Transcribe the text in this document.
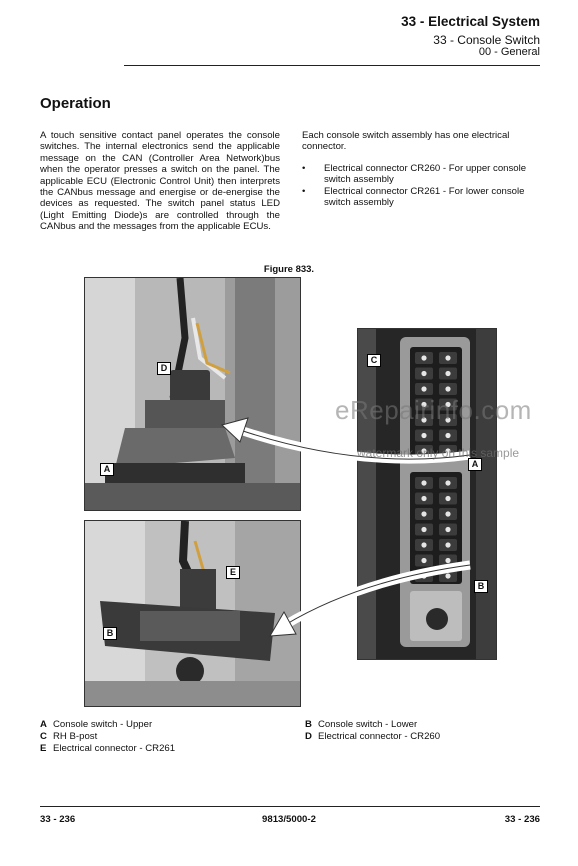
33 - Electrical System
33 - Console Switch
00 - General
Operation
A touch sensitive contact panel operates the console switches. The internal electronics send the applicable message on the CAN (Controller Area Network)bus when the operator presses a switch on the panel. The applicable ECU (Electronic Control Unit) then interprets the CANbus message and energise or de-energise the devices as requested. The switch panel status LED (Light Emitting Diode)s are controlled through the CANbus and the messages from the applicable ECUs.

Each console switch assembly has one electrical connector.

• Electrical connector CR260 - For upper console switch assembly
• Electrical connector CR261 - For lower console switch assembly
Figure 833.
A
D
E
B
C
A
B
eRepairinfo.com
watermark only on this sample
A Console switch - Upper	B Console switch - Lower
C RH B-post	D Electrical connector - CR260
E Electrical connector - CR261
33 - 236	9813/5000-2	33 - 236
